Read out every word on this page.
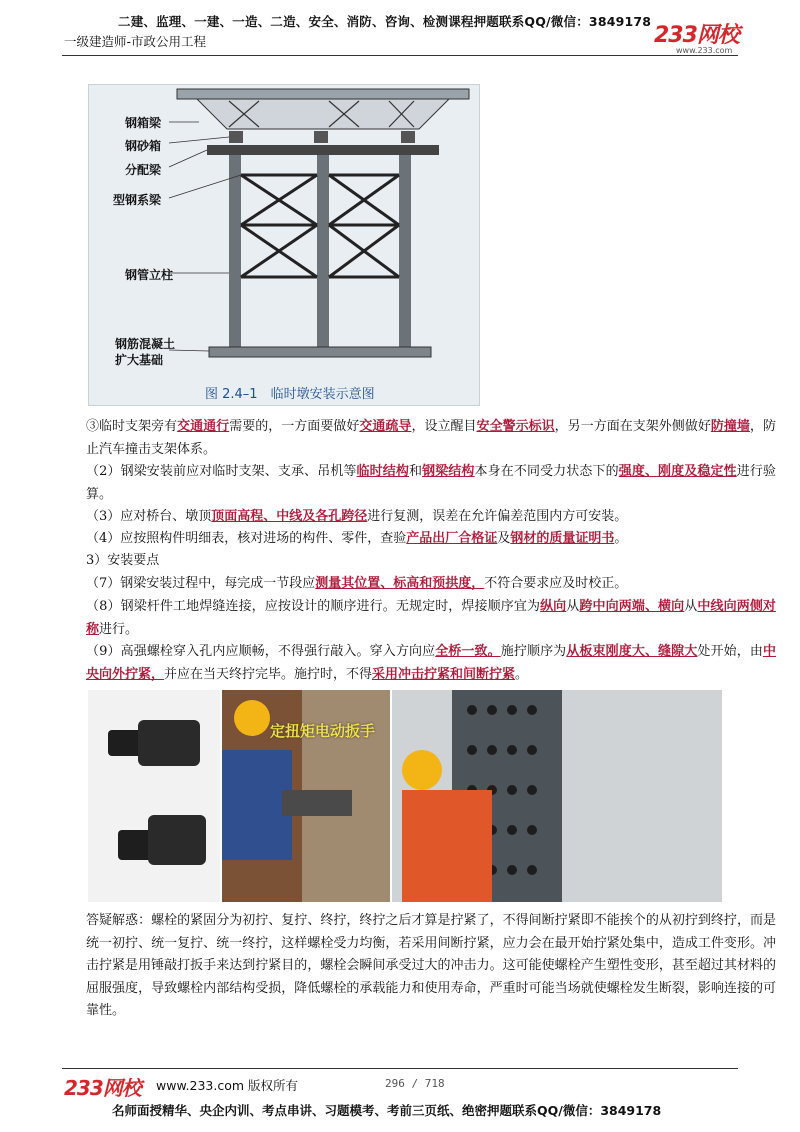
二建、监理、一建、一造、二造、安全、消防、咨询、检测课程押题联系QQ/微信：3849178
一级建造师-市政公用工程	233网校
www.233.com
钢箱梁
钢砂箱
分配梁
型钢系梁
钢管立柱
钢筋混凝土
扩大基础
图 2.4–1　临时墩安装示意图
③临时支架旁有交通通行需要的，一方面要做好交通疏导，设立醒目安全警示标识，另一方面在支架外侧做好防撞墙，防止汽车撞击支架体系。
（2）钢梁安装前应对临时支架、支承、吊机等临时结构和钢梁结构本身在不同受力状态下的强度、刚度及稳定性进行验算。
（3）应对桥台、墩顶顶面高程、中线及各孔跨径进行复测，误差在允许偏差范围内方可安装。
（4）应按照构件明细表，核对进场的构件、零件，查验产品出厂合格证及钢材的质量证明书。
3）安装要点
（7）钢梁安装过程中，每完成一节段应测量其位置、标高和预拱度，不符合要求应及时校正。
（8）钢梁杆件工地焊缝连接，应按设计的顺序进行。无规定时，焊接顺序宜为纵向从跨中向两端、横向从中线向两侧对称进行。
（9）高强螺栓穿入孔内应顺畅，不得强行敲入。穿入方向应全桥一致。施拧顺序为从板束刚度大、缝隙大处开始，由中央向外拧紧，并应在当天终拧完毕。施拧时，不得采用冲击拧紧和间断拧紧。
定扭矩电动扳手
答疑解惑：螺栓的紧固分为初拧、复拧、终拧，终拧之后才算是拧紧了，不得间断拧紧即不能挨个的从初拧到终拧，而是统一初拧、统一复拧、统一终拧，这样螺栓受力均衡，若采用间断拧紧，应力会在最开始拧紧处集中，造成工件变形。冲击拧紧是用锤敲打扳手来达到拧紧目的，螺栓会瞬间承受过大的冲击力。这可能使螺栓产生塑性变形，甚至超过其材料的屈服强度，导致螺栓内部结构受损，降低螺栓的承载能力和使用寿命，严重时可能当场就使螺栓发生断裂，影响连接的可靠性。
233网校 www.233.com 版权所有	296 / 718
名师面授精华、央企内训、考点串讲、习题模考、考前三页纸、绝密押题联系QQ/微信：3849178
